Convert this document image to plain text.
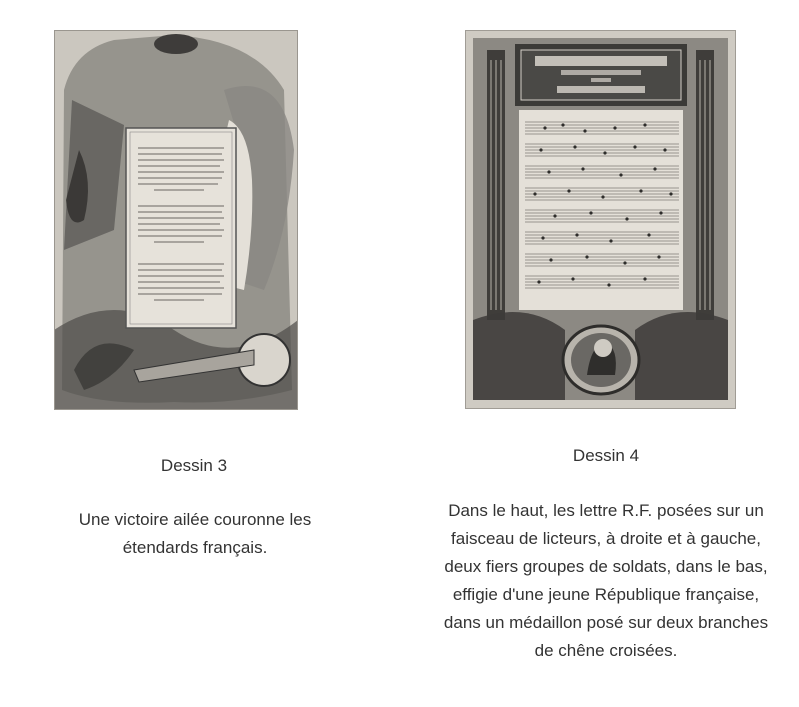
Dessin 3
Une victoire ailée couronne les étendards français.
Dessin 4
Dans le haut, les lettre R.F. posées sur un faisceau de licteurs, à droite et à gauche, deux fiers groupes de soldats, dans le bas, effigie d'une jeune République française, dans un médaillon posé sur deux branches de chêne croisées.
